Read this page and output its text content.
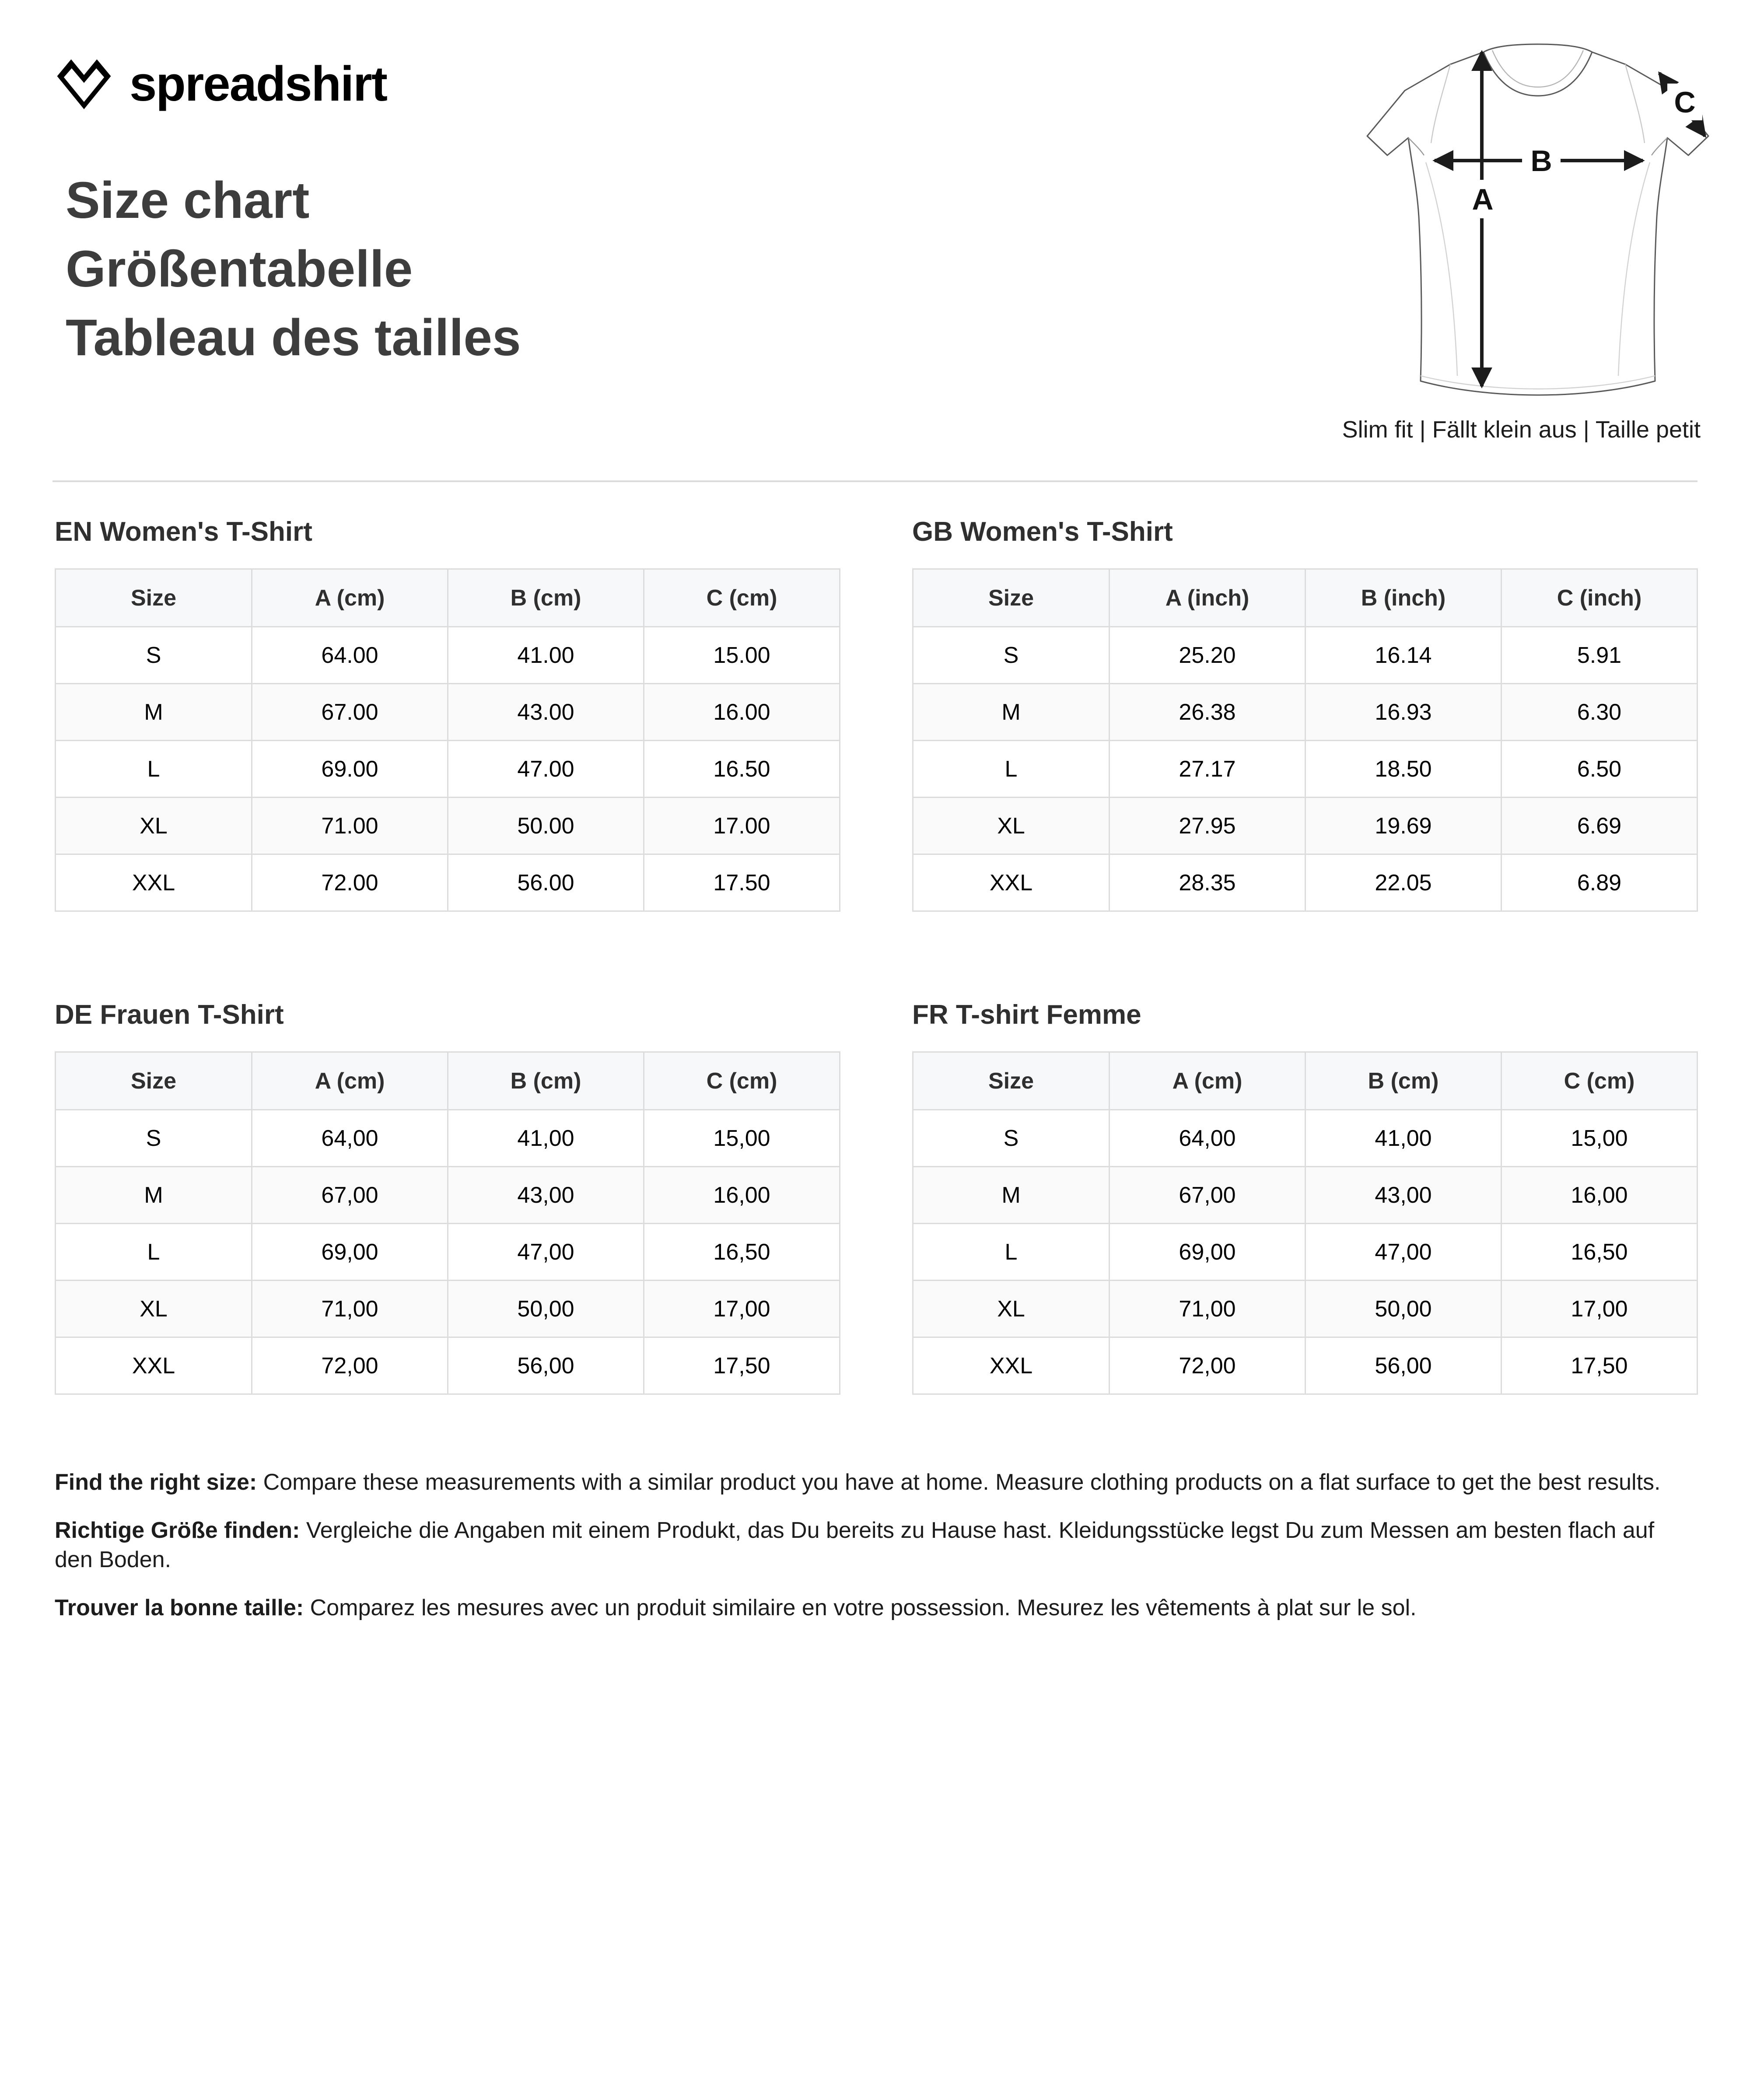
spreadshirt
Size chart
Größentabelle
Tableau des tailles
A
B
C
Slim fit | Fällt klein aus | Taille petit
EN Women's T-Shirt
Size	A (cm)	B (cm)	C (cm)
S	64.00	41.00	15.00
M	67.00	43.00	16.00
L	69.00	47.00	16.50
XL	71.00	50.00	17.00
XXL	72.00	56.00	17.50
GB Women's T-Shirt
Size	A (inch)	B (inch)	C (inch)
S	25.20	16.14	5.91
M	26.38	16.93	6.30
L	27.17	18.50	6.50
XL	27.95	19.69	6.69
XXL	28.35	22.05	6.89
DE Frauen T-Shirt
Size	A (cm)	B (cm)	C (cm)
S	64,00	41,00	15,00
M	67,00	43,00	16,00
L	69,00	47,00	16,50
XL	71,00	50,00	17,00
XXL	72,00	56,00	17,50
FR T-shirt Femme
Size	A (cm)	B (cm)	C (cm)
S	64,00	41,00	15,00
M	67,00	43,00	16,00
L	69,00	47,00	16,50
XL	71,00	50,00	17,00
XXL	72,00	56,00	17,50

Find the right size: Compare these measurements with a similar product you have at home. Measure clothing products on a flat surface to get the best results.

Richtige Größe finden: Vergleiche die Angaben mit einem Produkt, das Du bereits zu Hause hast. Kleidungsstücke legst Du zum Messen am besten flach auf den Boden.

Trouver la bonne taille: Comparez les mesures avec un produit similaire en votre possession. Mesurez les vêtements à plat sur le sol.
